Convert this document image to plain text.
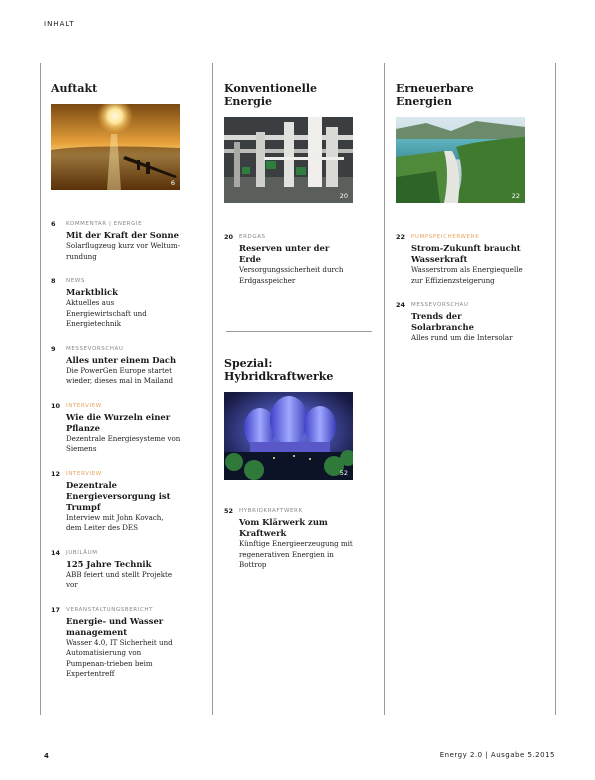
INHALT
Auftakt
6
6 KOMMENTAR | ENERGIE
Mit der Kraft der Sonne
Solarflugzeug kurz vor Weltum-rundung
8 NEWS
Marktblick
Aktuelles aus Energiewirtschaft und Energietechnik
9 MESSEVORSCHAU
Alles unter einem Dach
Die PowerGen Europe startet wieder, dieses mal in Mailand
10 INTERVIEW
Wie die Wurzeln einer Pflanze
Dezentrale Energiesysteme von Siemens
12 INTERVIEW
Dezentrale Energieversorgung ist Trumpf
Interview mit John Kovach, dem Leiter des DES
14 JUBILÄUM
125 Jahre Technik
ABB feiert und stellt Projekte vor
17 VERANSTALTUNGSBERICHT
Energie- und Wasser management
Wasser 4.0, IT Sicherheit und Automatisierung von Pumpenan-trieben beim Expertentreff
Konventionelle Energie
20
20 ERDGAS
Reserven unter der Erde
Versorgungssicherheit durch Erdgasspeicher
Spezial: Hybridkraftwerke
52
52 HYBRIDKRAFTWERK
Vom Klärwerk zum Kraftwerk
Künftige Energieerzeugung mit regenerativen Energien in Bottrop
Erneuerbare Energien
22
22 PUMPSPEICHERWERK
Strom-Zukunft braucht Wasserkraft
Wasserstrom als Energiequelle zur Effizienzsteigerung
24 MESSEVORSCHAU
Trends der Solarbranche
Alles rund um die Intersolar
4	Energy 2.0 | Ausgabe 5.2015
